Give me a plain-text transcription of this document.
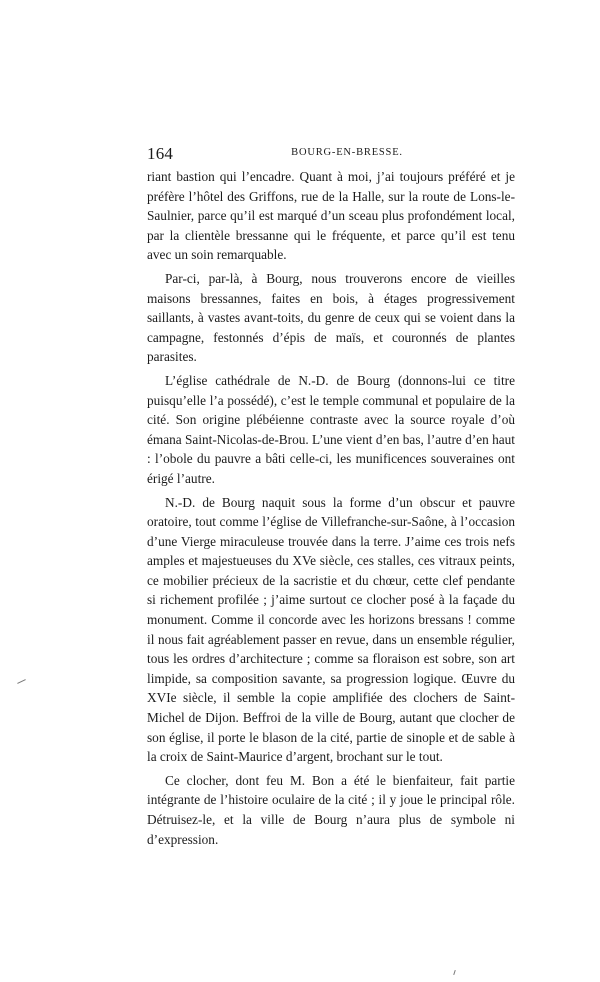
164	BOURG-EN-BRESSE.

riant bastion qui l’encadre. Quant à moi, j’ai toujours préféré et je préfère l’hôtel des Griffons, rue de la Halle, sur la route de Lons-le-Saulnier, parce qu’il est marqué d’un sceau plus profondément local, par la clientèle bressanne qui le fréquente, et parce qu’il est tenu avec un soin remarquable.

Par-ci, par-là, à Bourg, nous trouverons encore de vieilles maisons bressannes, faites en bois, à étages progressivement saillants, à vastes avant-toits, du genre de ceux qui se voient dans la campagne, festonnés d’épis de maïs, et couronnés de plantes parasites.

L’église cathédrale de N.-D. de Bourg (donnons-lui ce titre puisqu’elle l’a possédé), c’est le temple communal et populaire de la cité. Son origine plébéienne contraste avec la source royale d’où émana Saint-Nicolas-de-Brou. L’une vient d’en bas, l’autre d’en haut : l’obole du pauvre a bâti celle-ci, les munificences souveraines ont érigé l’autre.

N.-D. de Bourg naquit sous la forme d’un obscur et pauvre oratoire, tout comme l’église de Villefranche-sur-Saône, à l’occasion d’une Vierge miraculeuse trouvée dans la terre. J’aime ces trois nefs amples et majestueuses du XVe siècle, ces stalles, ces vitraux peints, ce mobilier précieux de la sacristie et du chœur, cette clef pendante si richement profilée ; j’aime surtout ce clocher posé à la façade du monument. Comme il concorde avec les horizons bressans ! comme il nous fait agréablement passer en revue, dans un ensemble régulier, tous les ordres d’architecture ; comme sa floraison est sobre, son art limpide, sa composition savante, sa progression logique. Œuvre du XVIe siècle, il semble la copie amplifiée des clochers de Saint-Michel de Dijon. Beffroi de la ville de Bourg, autant que clocher de son église, il porte le blason de la cité, partie de sinople et de sable à la croix de Saint-Maurice d’argent, brochant sur le tout.

Ce clocher, dont feu M. Bon a été le bienfaiteur, fait partie intégrante de l’histoire oculaire de la cité ; il y joue le principal rôle. Détruisez-le, et la ville de Bourg n’aura plus de symbole ni d’expression.
